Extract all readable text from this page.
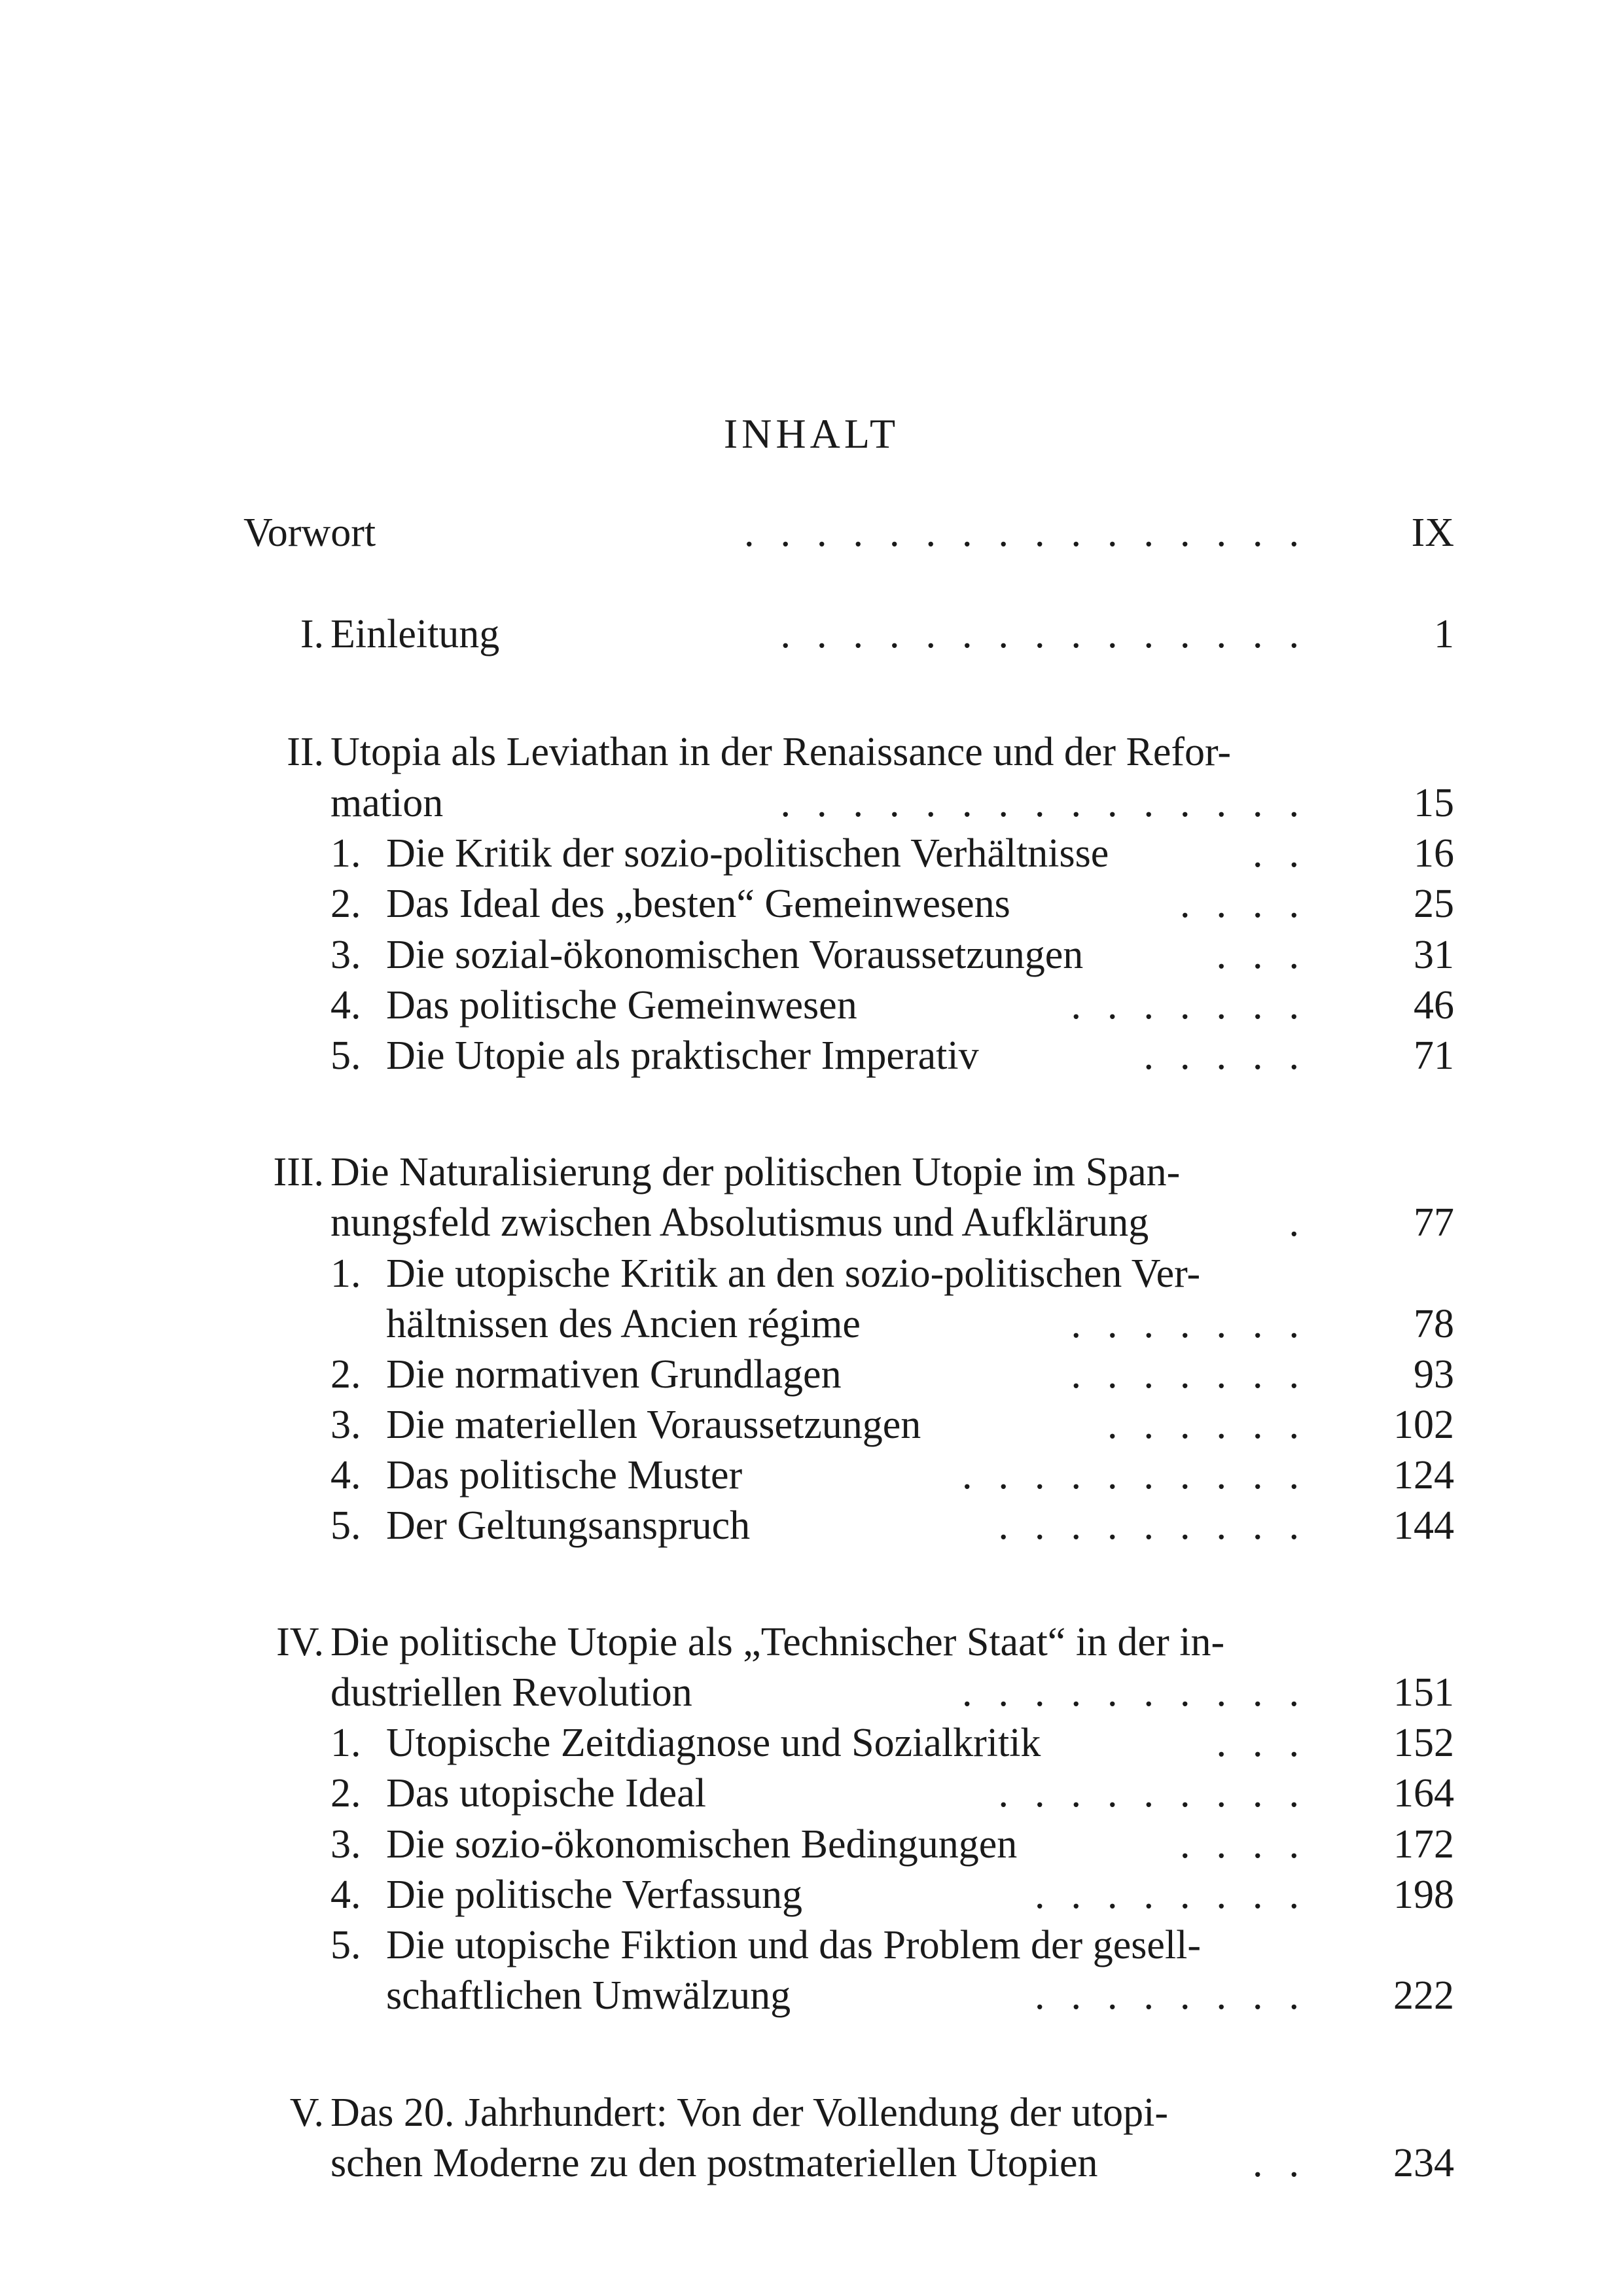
INHALT
Vorwort	................ IX
I. Einleitung	...............	1
II. Utopia als Leviathan in der Renaissance und der Refor-
mation	............... 15
1. Die Kritik der sozio-politischen Verhältnisse	.. 16
2. Das Ideal des „besten“ Gemeinwesens	.... 25
3. Die sozial-ökonomischen Voraussetzungen	... 31
4. Das politische Gemeinwesen	....... 46
5. Die Utopie als praktischer Imperativ	..... 71
III. Die Naturalisierung der politischen Utopie im Span-
nungsfeld zwischen Absolutismus und Aufklärung	. 77
1. Die utopische Kritik an den sozio-politischen Ver-
hältnissen des Ancien régime	....... 78
2. Die normativen Grundlagen	....... 93
3. Die materiellen Voraussetzungen	...... 102
4. Das politische Muster	.......... 124
5. Der Geltungsanspruch	......... 144
IV. Die politische Utopie als „Technischer Staat“ in der in-
dustriellen Revolution	.......... 151
1. Utopische Zeitdiagnose und Sozialkritik	... 152
2. Das utopische Ideal	......... 164
3. Die sozio-ökonomischen Bedingungen	.... 172
4. Die politische Verfassung	........ 198
5. Die utopische Fiktion und das Problem der gesell-
schaftlichen Umwälzung	........ 222
V. Das 20. Jahrhundert: Von der Vollendung der utopi-
schen Moderne zu den postmateriellen Utopien	.. 234
